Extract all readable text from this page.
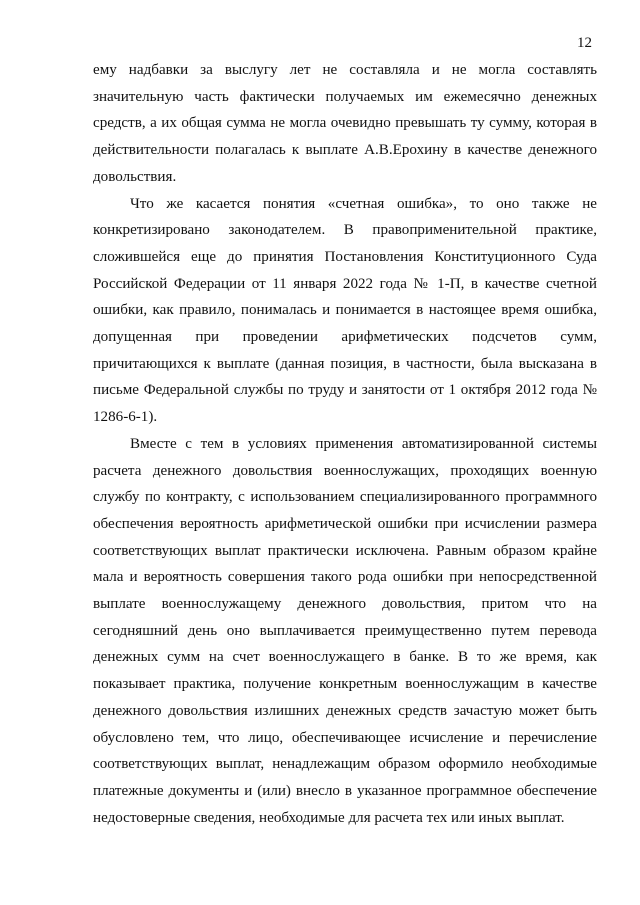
12

ему надбавки за выслугу лет не составляла и не могла составлять значительную часть фактически получаемых им ежемесячно денежных средств, а их общая сумма не могла очевидно превышать ту сумму, которая в действительности полагалась к выплате А.В.Ерохину в качестве денежного довольствия.

Что же касается понятия «счетная ошибка», то оно также не конкретизировано законодателем. В правоприменительной практике, сложившейся еще до принятия Постановления Конституционного Суда Российской Федерации от 11 января 2022 года № 1-П, в качестве счетной ошибки, как правило, понималась и понимается в настоящее время ошибка, допущенная при проведении арифметических подсчетов сумм, причитающихся к выплате (данная позиция, в частности, была высказана в письме Федеральной службы по труду и занятости от 1 октября 2012 года № 1286-6-1).

Вместе с тем в условиях применения автоматизированной системы расчета денежного довольствия военнослужащих, проходящих военную службу по контракту, с использованием специализированного программного обеспечения вероятность арифметической ошибки при исчислении размера соответствующих выплат практически исключена. Равным образом крайне мала и вероятность совершения такого рода ошибки при непосредственной выплате военнослужащему денежного довольствия, притом что на сегодняшний день оно выплачивается преимущественно путем перевода денежных сумм на счет военнослужащего в банке. В то же время, как показывает практика, получение конкретным военнослужащим в качестве денежного довольствия излишних денежных средств зачастую может быть обусловлено тем, что лицо, обеспечивающее исчисление и перечисление соответствующих выплат, ненадлежащим образом оформило необходимые платежные документы и (или) внесло в указанное программное обеспечение недостоверные сведения, необходимые для расчета тех или иных выплат.
